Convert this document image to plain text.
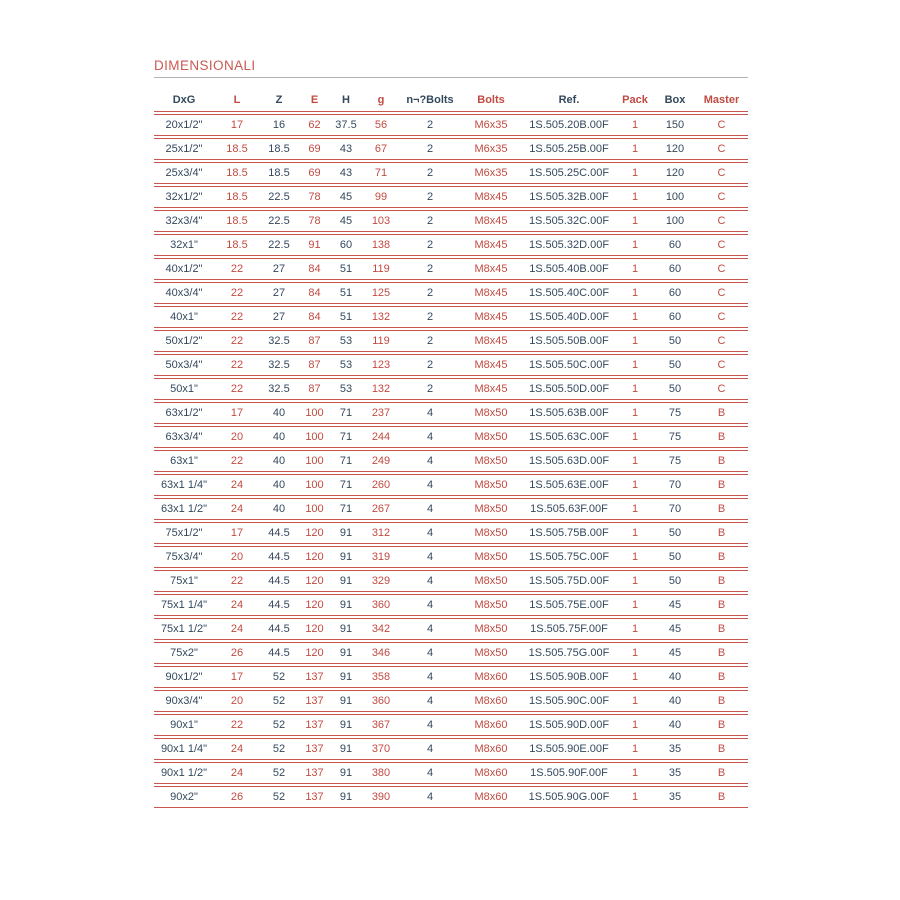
DIMENSIONALI
DxG	L	Z	E	H	g	n¬?Bolts	Bolts	Ref.	Pack	Box	Master
20x1/2"	17	16	62	37.5	56	2	M6x35	1S.505.20B.00F	1	150	C
25x1/2"	18.5	18.5	69	43	67	2	M6x35	1S.505.25B.00F	1	120	C
25x3/4"	18.5	18.5	69	43	71	2	M6x35	1S.505.25C.00F	1	120	C
32x1/2"	18.5	22.5	78	45	99	2	M8x45	1S.505.32B.00F	1	100	C
32x3/4"	18.5	22.5	78	45	103	2	M8x45	1S.505.32C.00F	1	100	C
32x1"	18.5	22.5	91	60	138	2	M8x45	1S.505.32D.00F	1	60	C
40x1/2"	22	27	84	51	119	2	M8x45	1S.505.40B.00F	1	60	C
40x3/4"	22	27	84	51	125	2	M8x45	1S.505.40C.00F	1	60	C
40x1"	22	27	84	51	132	2	M8x45	1S.505.40D.00F	1	60	C
50x1/2"	22	32.5	87	53	119	2	M8x45	1S.505.50B.00F	1	50	C
50x3/4"	22	32.5	87	53	123	2	M8x45	1S.505.50C.00F	1	50	C
50x1"	22	32.5	87	53	132	2	M8x45	1S.505.50D.00F	1	50	C
63x1/2"	17	40	100	71	237	4	M8x50	1S.505.63B.00F	1	75	B
63x3/4"	20	40	100	71	244	4	M8x50	1S.505.63C.00F	1	75	B
63x1"	22	40	100	71	249	4	M8x50	1S.505.63D.00F	1	75	B
63x1 1/4"	24	40	100	71	260	4	M8x50	1S.505.63E.00F	1	70	B
63x1 1/2"	24	40	100	71	267	4	M8x50	1S.505.63F.00F	1	70	B
75x1/2"	17	44.5	120	91	312	4	M8x50	1S.505.75B.00F	1	50	B
75x3/4"	20	44.5	120	91	319	4	M8x50	1S.505.75C.00F	1	50	B
75x1"	22	44.5	120	91	329	4	M8x50	1S.505.75D.00F	1	50	B
75x1 1/4"	24	44.5	120	91	360	4	M8x50	1S.505.75E.00F	1	45	B
75x1 1/2"	24	44.5	120	91	342	4	M8x50	1S.505.75F.00F	1	45	B
75x2"	26	44.5	120	91	346	4	M8x50	1S.505.75G.00F	1	45	B
90x1/2"	17	52	137	91	358	4	M8x60	1S.505.90B.00F	1	40	B
90x3/4"	20	52	137	91	360	4	M8x60	1S.505.90C.00F	1	40	B
90x1"	22	52	137	91	367	4	M8x60	1S.505.90D.00F	1	40	B
90x1 1/4"	24	52	137	91	370	4	M8x60	1S.505.90E.00F	1	35	B
90x1 1/2"	24	52	137	91	380	4	M8x60	1S.505.90F.00F	1	35	B
90x2"	26	52	137	91	390	4	M8x60	1S.505.90G.00F	1	35	B
